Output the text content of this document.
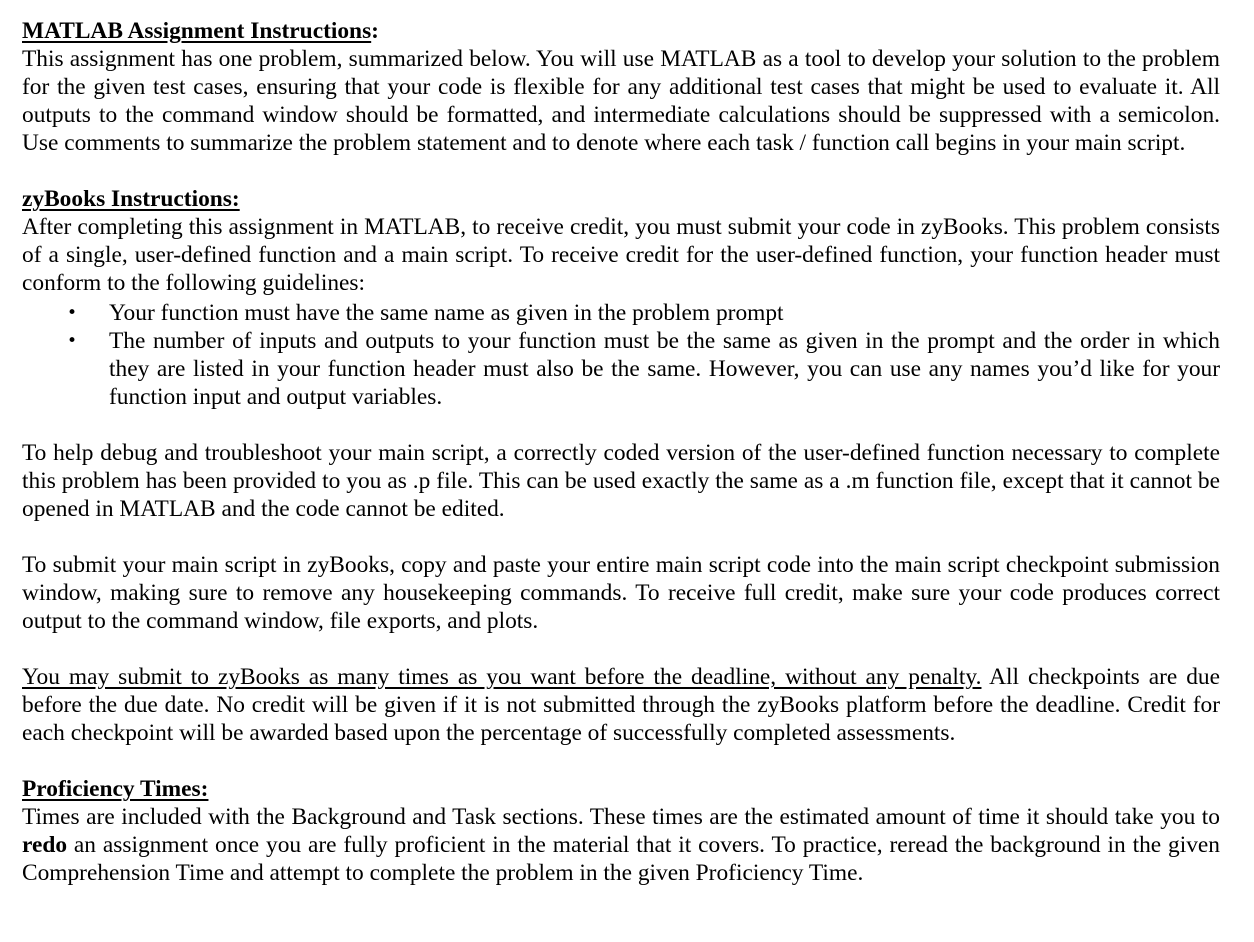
MATLAB Assignment Instructions:

This assignment has one problem, summarized below. You will use MATLAB as a tool to develop your solution to the problem for the given test cases, ensuring that your code is flexible for any additional test cases that might be used to evaluate it. All outputs to the command window should be formatted, and intermediate calculations should be suppressed with a semicolon. Use comments to summarize the problem statement and to denote where each task / function call begins in your main script.

zyBooks Instructions:

After completing this assignment in MATLAB, to receive credit, you must submit your code in zyBooks. This problem consists of a single, user-defined function and a main script. To receive credit for the user-defined function, your function header must conform to the following guidelines:

• Your function must have the same name as given in the problem prompt
• The number of inputs and outputs to your function must be the same as given in the prompt and the order in which they are listed in your function header must also be the same. However, you can use any names you’d like for your function input and output variables.

To help debug and troubleshoot your main script, a correctly coded version of the user-defined function necessary to complete this problem has been provided to you as .p file. This can be used exactly the same as a .m function file, except that it cannot be opened in MATLAB and the code cannot be edited.

To submit your main script in zyBooks, copy and paste your entire main script code into the main script checkpoint submission window, making sure to remove any housekeeping commands. To receive full credit, make sure your code produces correct output to the command window, file exports, and plots.

You may submit to zyBooks as many times as you want before the deadline, without any penalty. All checkpoints are due before the due date. No credit will be given if it is not submitted through the zyBooks platform before the deadline. Credit for each checkpoint will be awarded based upon the percentage of successfully completed assessments.

Proficiency Times:

Times are included with the Background and Task sections. These times are the estimated amount of time it should take you to redo an assignment once you are fully proficient in the material that it covers. To practice, reread the background in the given Comprehension Time and attempt to complete the problem in the given Proficiency Time.
